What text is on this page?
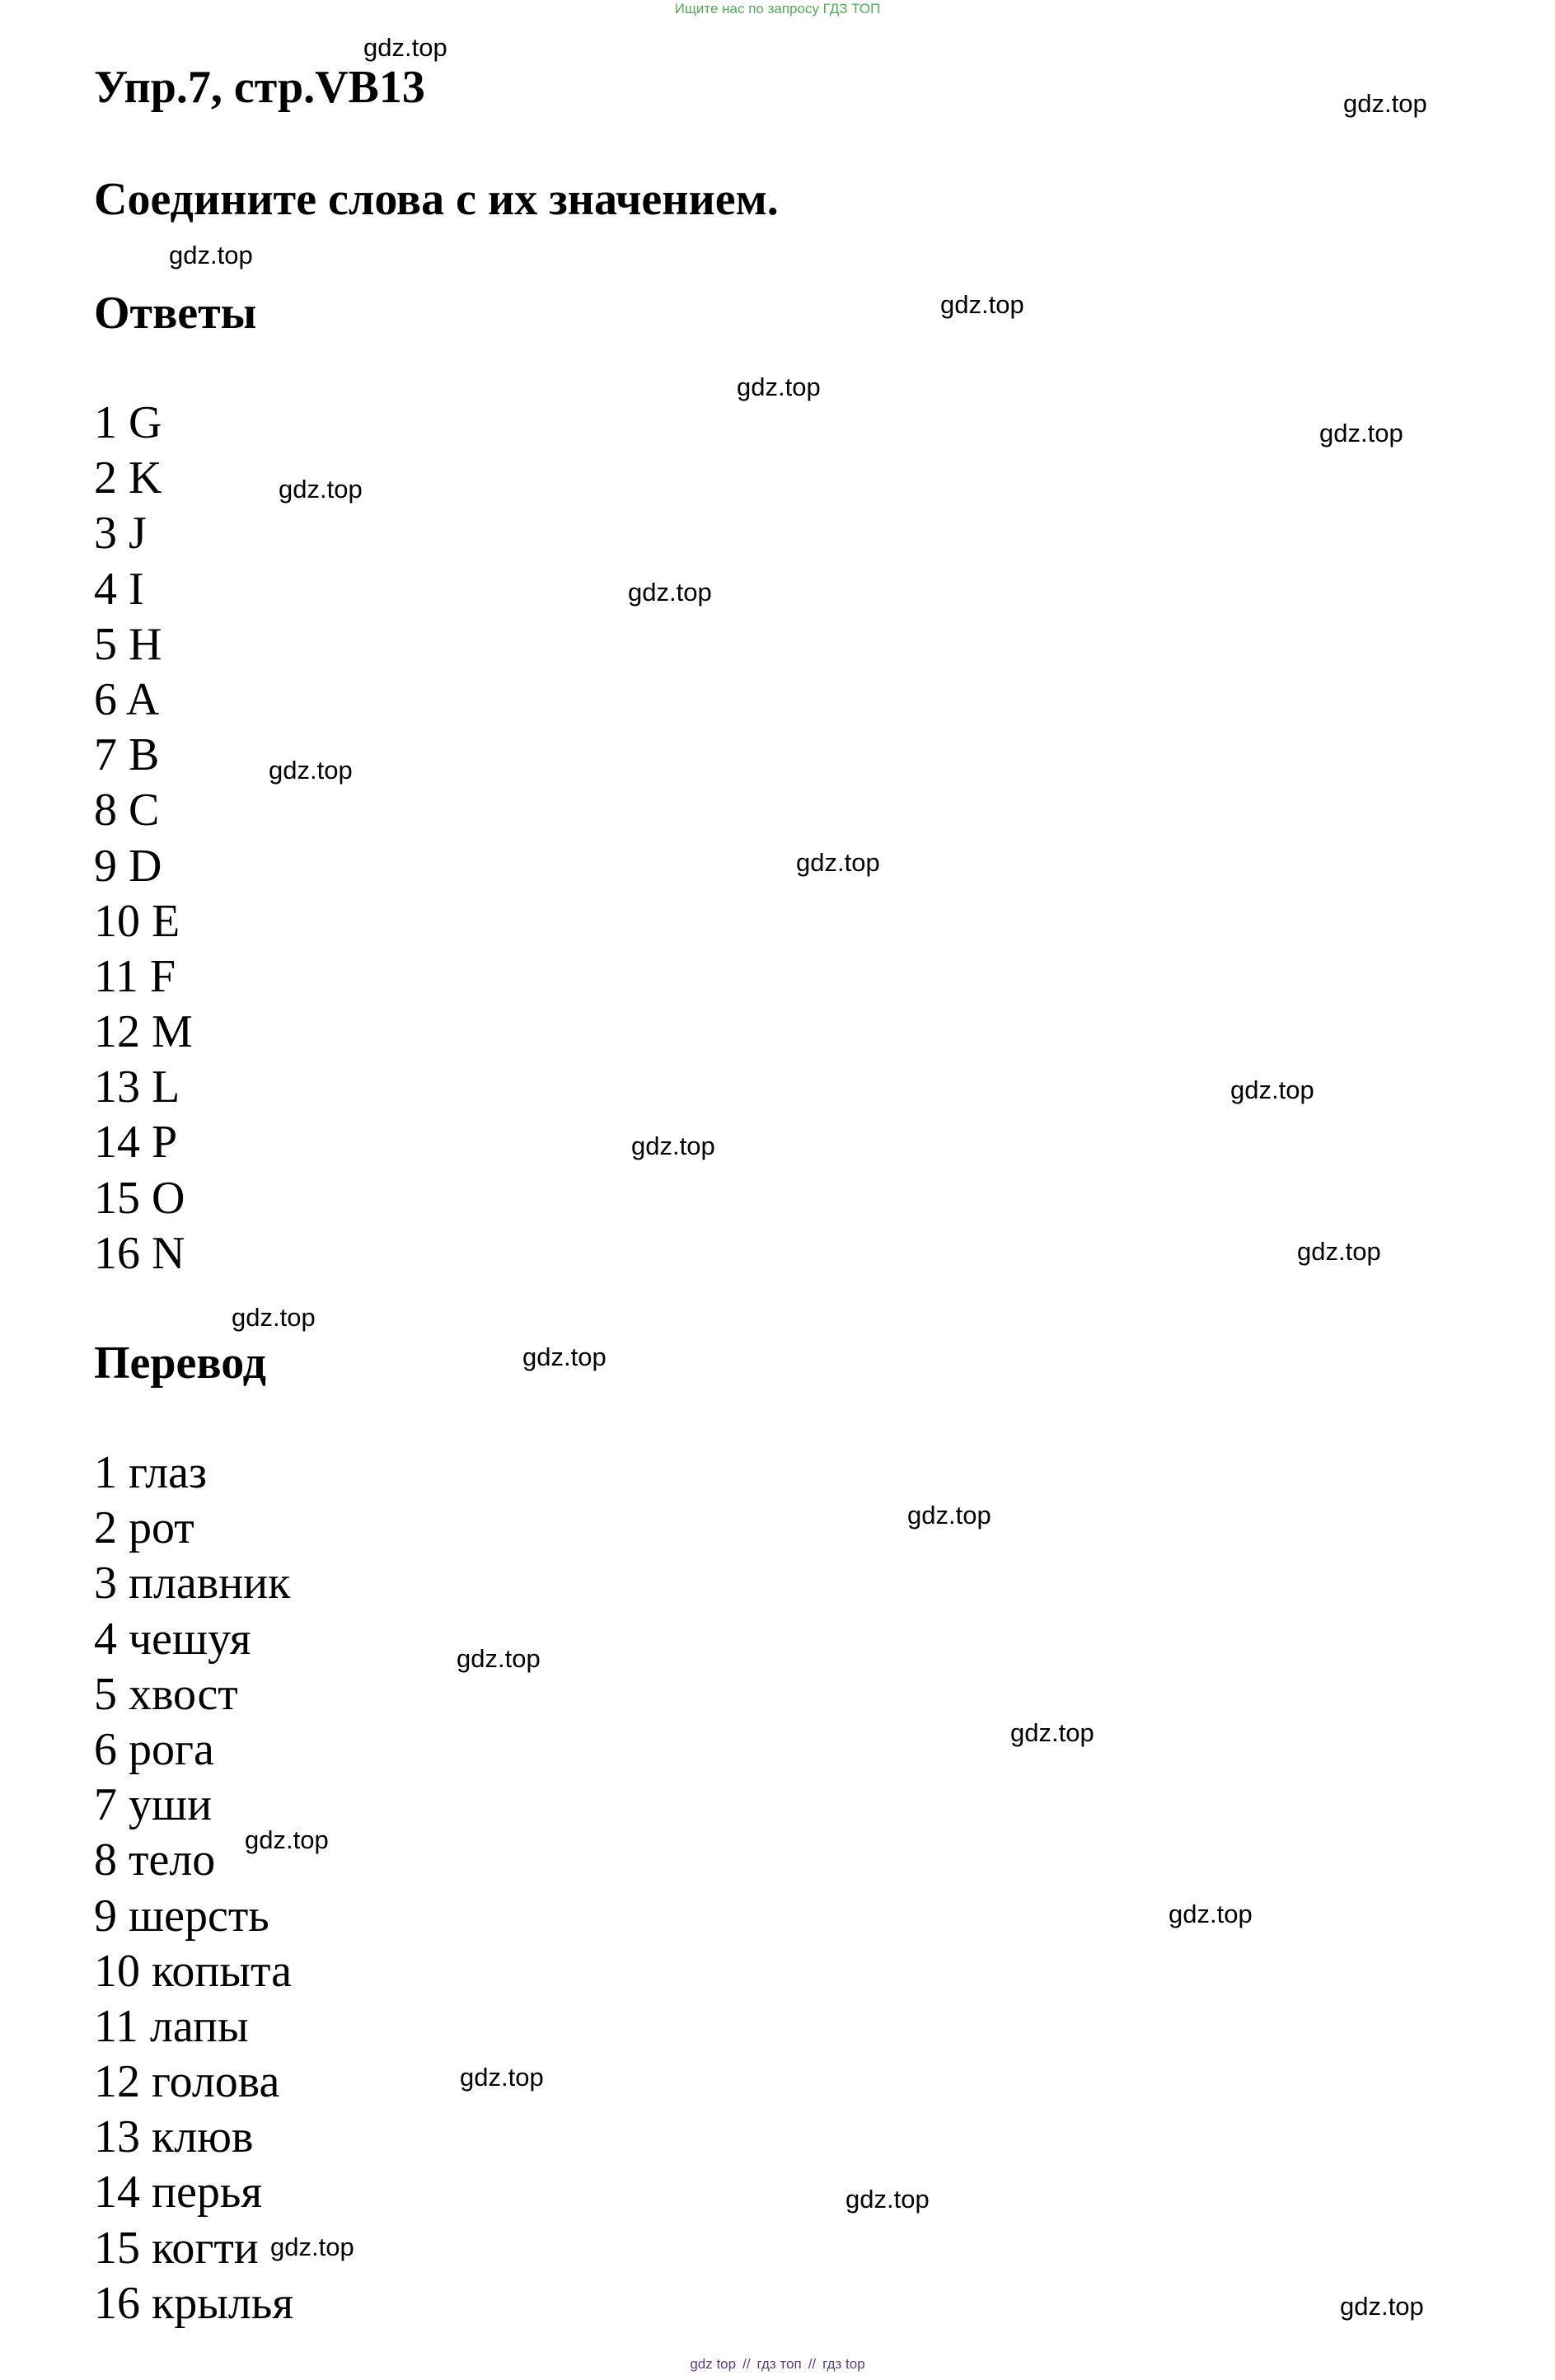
Ищите нас по запросу ГДЗ ТОП
Упр.7, стр.VB13
Соедините слова с их значением.
Ответы
1 G
2 K
3 J
4 I
5 H
6 A
7 B
8 C
9 D
10 E
11 F
12 M
13 L
14 P
15 O
16 N
Перевод
1 глаз
2 рот
3 плавник
4 чешуя
5 хвост
6 рога
7 уши
8 тело
9 шерсть
10 копыта
11 лапы
12 голова
13 клюв
14 перья
15 когти
16 крылья
gdz.top
gdz.top
gdz.top
gdz.top
gdz.top
gdz.top
gdz.top
gdz.top
gdz.top
gdz.top
gdz.top
gdz.top
gdz.top
gdz.top
gdz.top
gdz.top
gdz.top
gdz.top
gdz.top
gdz.top
gdz.top
gdz.top
gdz.top
gdz.top
gdz top // гдз топ // гдз top
